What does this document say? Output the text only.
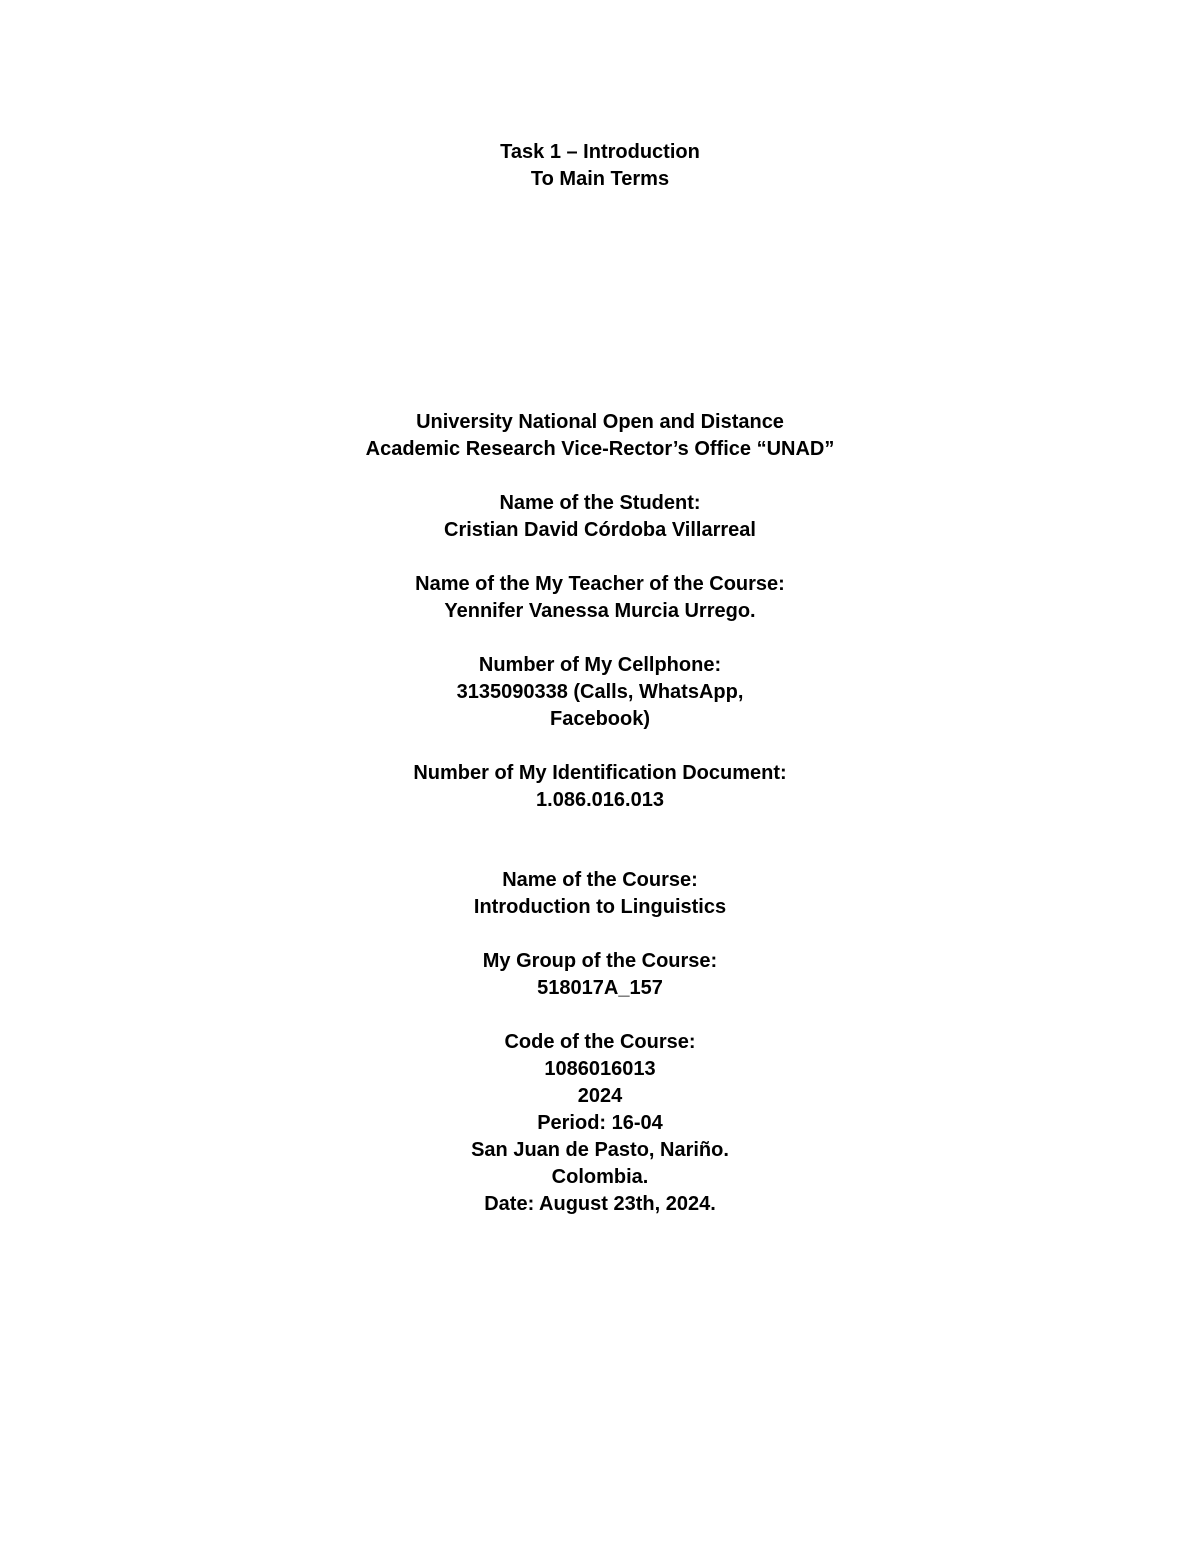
Task 1 – Introduction
To Main Terms
University National Open and Distance
Academic Research Vice-Rector’s Office “UNAD”
Name of the Student:
Cristian David Córdoba Villarreal
Name of the My Teacher of the Course:
Yennifer Vanessa Murcia Urrego.
Number of My Cellphone:
3135090338 (Calls, WhatsApp,
Facebook)
Number of My Identification Document:
1.086.016.013
Name of the Course:
Introduction to Linguistics
My Group of the Course:
518017A_157
Code of the Course:
1086016013
2024
Period: 16-04
San Juan de Pasto, Nariño.
Colombia.
Date: August 23th, 2024.
